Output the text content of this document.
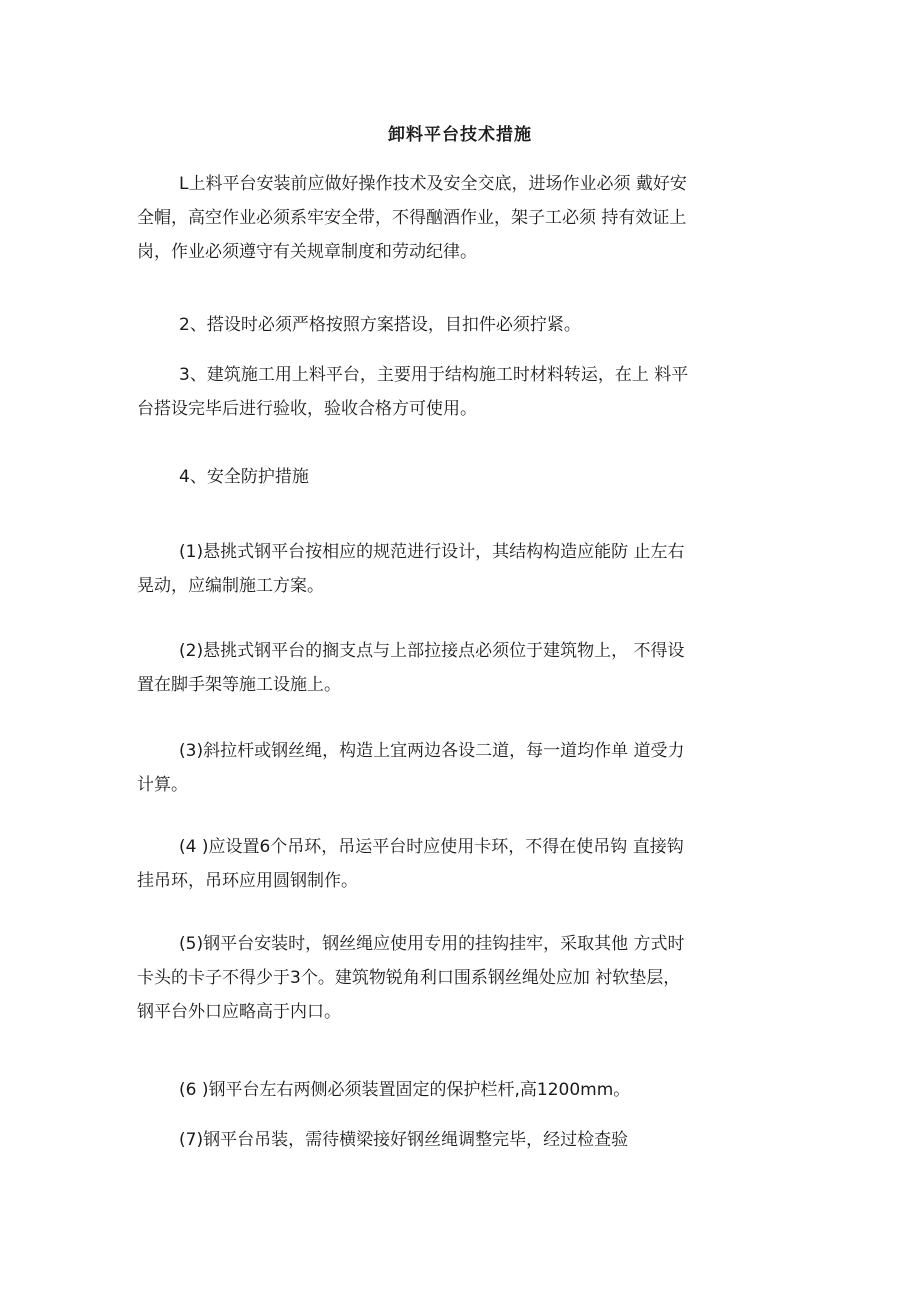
卸料平台技术措施

L上料平台安装前应做好操作技术及安全交底，进场作业必须 戴好安
全帽，高空作业必须系牢安全带，不得酗酒作业，架子工必须 持有效证上
岗，作业必须遵守有关规章制度和劳动纪律。

2、搭设时必须严格按照方案搭设，目扣件必须拧紧。

3、建筑施工用上料平台，主要用于结构施工时材料转运，在上 料平
台搭设完毕后进行验收，验收合格方可使用。

4、安全防护措施

(1)悬挑式钢平台按相应的规范进行设计，其结构构造应能防 止左右
晃动，应编制施工方案。

(2)悬挑式钢平台的搁支点与上部拉接点必须位于建筑物上， 不得设
置在脚手架等施工设施上。

(3)斜拉杆或钢丝绳，构造上宜两边各设二道，每一道均作单 道受力
计算。

(4 )应设置6个吊环，吊运平台时应使用卡环，不得在使吊钩 直接钩
挂吊环，吊环应用圆钢制作。

(5)钢平台安装时，钢丝绳应使用专用的挂钩挂牢，采取其他 方式时
卡头的卡子不得少于3个。建筑物锐角利口围系钢丝绳处应加 衬软垫层，
钢平台外口应略高于内口。

(6 )钢平台左右两侧必须装置固定的保护栏杆,高1200mm。

(7)钢平台吊装，需待横梁接好钢丝绳调整完毕，经过检查验
